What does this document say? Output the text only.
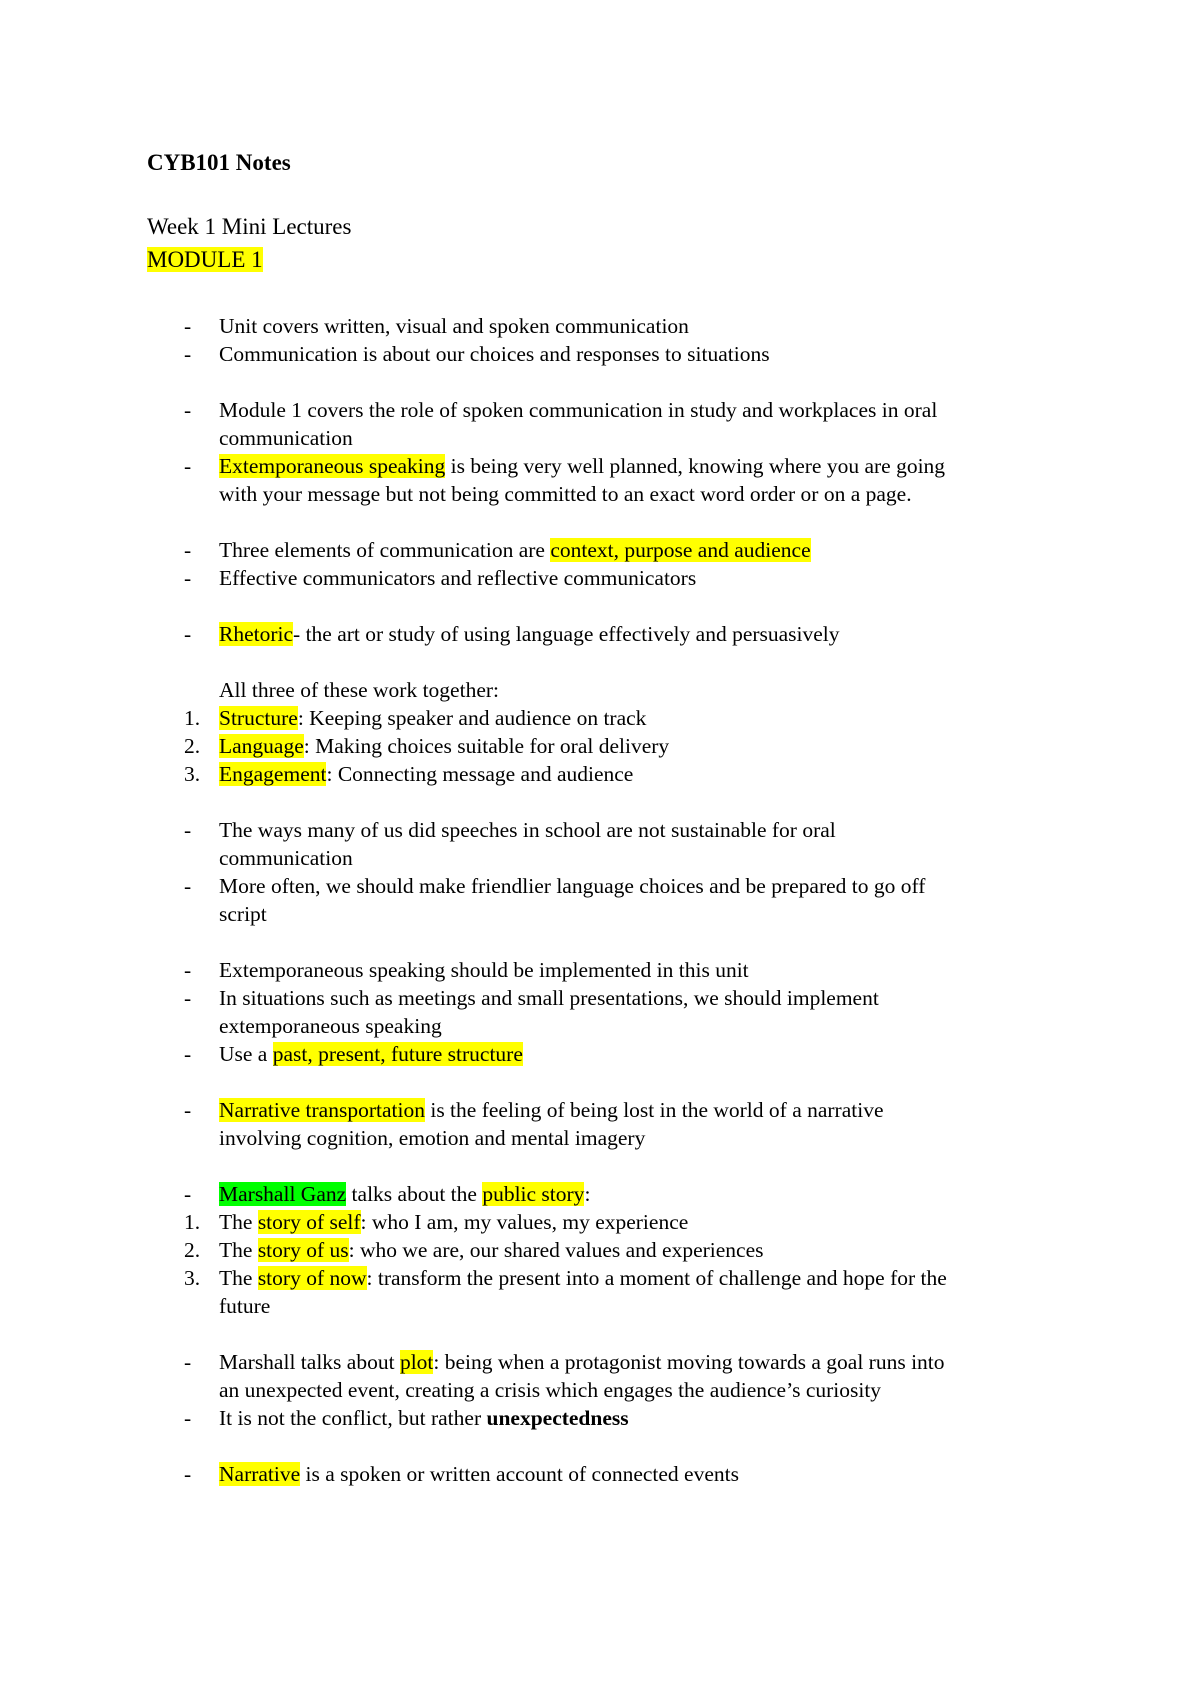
CYB101 Notes
Week 1 Mini Lectures
MODULE 1
- Unit covers written, visual and spoken communication
- Communication is about our choices and responses to situations
- Module 1 covers the role of spoken communication in study and workplaces in oral
communication
- Extemporaneous speaking is being very well planned, knowing where you are going
with your message but not being committed to an exact word order or on a page.
- Three elements of communication are context, purpose and audience
- Effective communicators and reflective communicators
- Rhetoric- the art or study of using language effectively and persuasively
All three of these work together:
1. Structure: Keeping speaker and audience on track
2. Language: Making choices suitable for oral delivery
3. Engagement: Connecting message and audience
- The ways many of us did speeches in school are not sustainable for oral
communication
- More often, we should make friendlier language choices and be prepared to go off
script
- Extemporaneous speaking should be implemented in this unit
- In situations such as meetings and small presentations, we should implement
extemporaneous speaking
- Use a past, present, future structure
- Narrative transportation is the feeling of being lost in the world of a narrative
involving cognition, emotion and mental imagery
- Marshall Ganz talks about the public story:
1. The story of self: who I am, my values, my experience
2. The story of us: who we are, our shared values and experiences
3. The story of now: transform the present into a moment of challenge and hope for the
future
- Marshall talks about plot: being when a protagonist moving towards a goal runs into
an unexpected event, creating a crisis which engages the audience’s curiosity
- It is not the conflict, but rather unexpectedness
- Narrative is a spoken or written account of connected events
